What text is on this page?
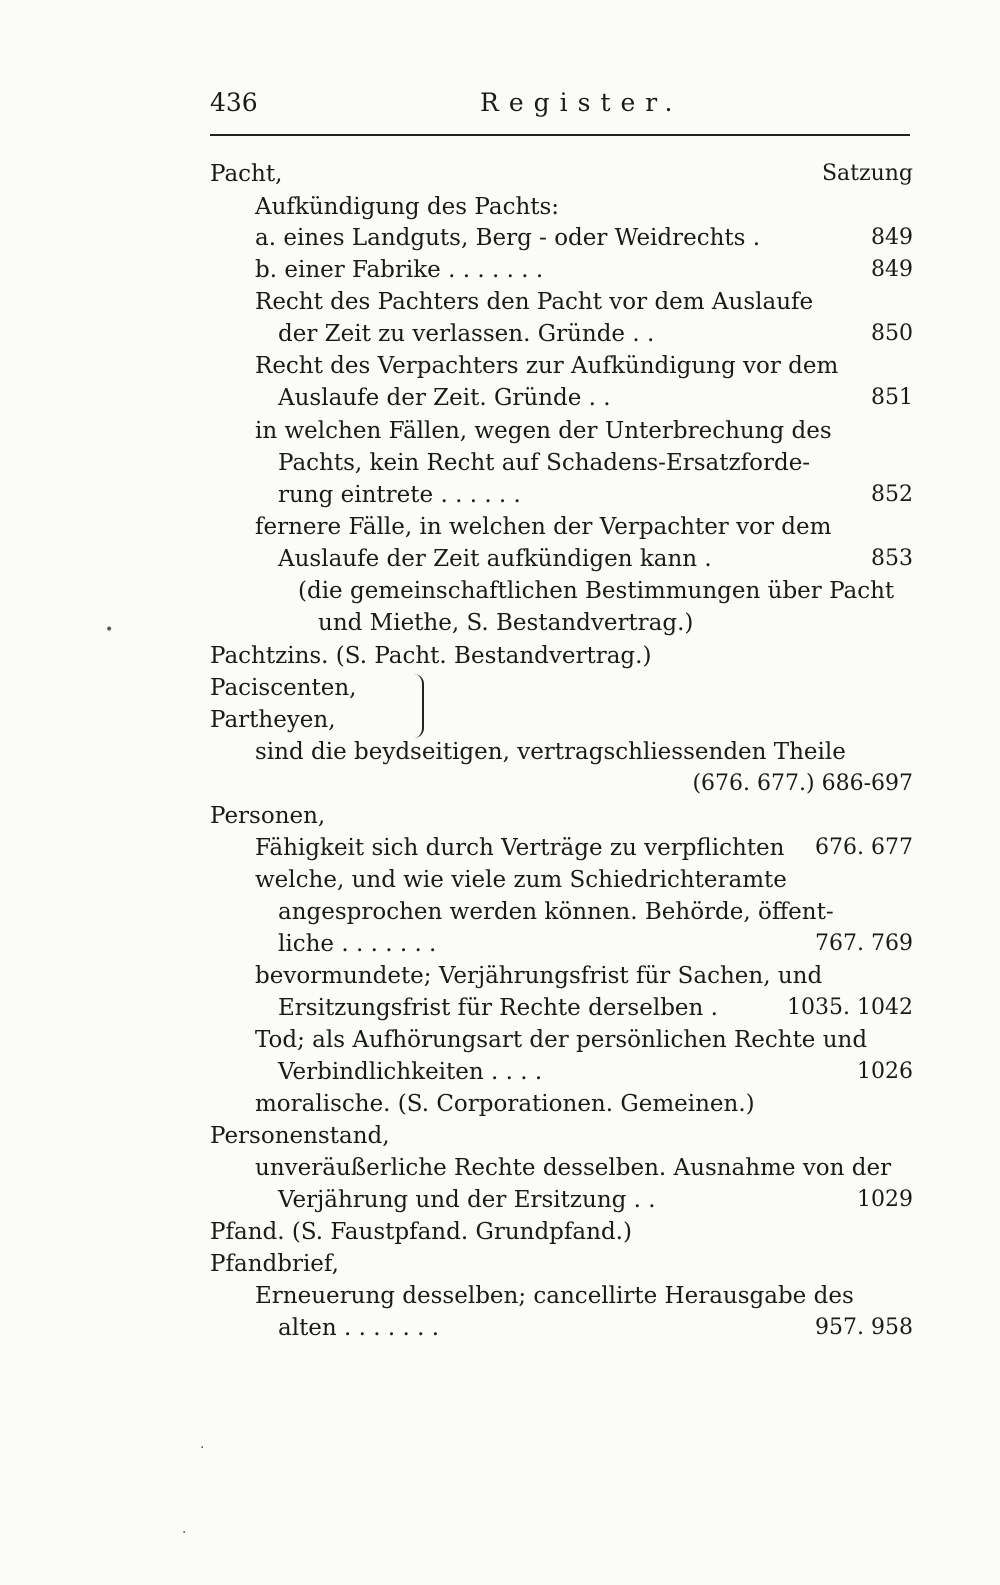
436	Register.
Pacht,	Satzung
Aufkündigung des Pachts:
a. eines Landguts, Berg - oder Weidrechts .	849
b. einer Fabrike . . . . . . .	849
Recht des Pachters den Pacht vor dem Auslaufe
der Zeit zu verlassen. Gründe . .	850
Recht des Verpachters zur Aufkündigung vor dem
Auslaufe der Zeit. Gründe . .	851
in welchen Fällen, wegen der Unterbrechung des
Pachts, kein Recht auf Schadens-Ersatzforde-
rung eintrete . . . . . .	852
fernere Fälle, in welchen der Verpachter vor dem
Auslaufe der Zeit aufkündigen kann .	853
(die gemeinschaftlichen Bestimmungen über Pacht
und Miethe, S. Bestandvertrag.)
Pachtzins. (S. Pacht. Bestandvertrag.)
Paciscenten,
Partheyen,
sind die beydseitigen, vertragschliessenden Theile
(676. 677.) 686-697
Personen,
Fähigkeit sich durch Verträge zu verpflichten 676. 677
welche, und wie viele zum Schiedrichteramte
angesprochen werden können. Behörde, öffent-
liche . . . . . . .	767. 769
bevormundete; Verjährungsfrist für Sachen, und
Ersitzungsfrist für Rechte derselben .	1035. 1042
Tod; als Aufhörungsart der persönlichen Rechte und
Verbindlichkeiten . . . .	1026
moralische. (S. Corporationen. Gemeinen.)
Personenstand,
unveräußerliche Rechte desselben. Ausnahme von der
Verjährung und der Ersitzung . .	1029
Pfand. (S. Faustpfand. Grundpfand.)
Pfandbrief,
Erneuerung desselben; cancellirte Herausgabe des
alten . . . . . . .	957. 958
•
·
·
